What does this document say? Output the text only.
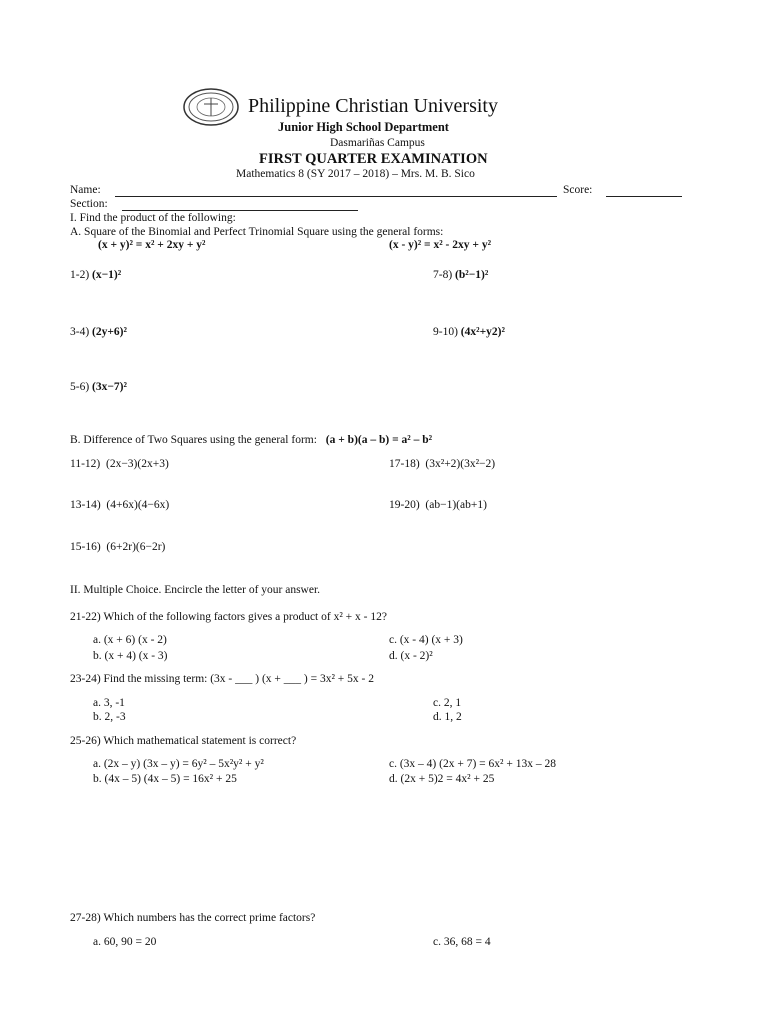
Philippine Christian University
Junior High School Department
Dasmariñas Campus
FIRST QUARTER EXAMINATION
Mathematics 8 (SY 2017 – 2018) – Mrs. M. B. Sico
Name:	Score:
Section:
I. Find the product of the following:
A. Square of the Binomial and Perfect Trinomial Square using the general forms:
(x + y)² = x² + 2xy + y²	(x - y)² = x² - 2xy + y²
1-2) (x−1)²	7-8) (b²−1)²
3-4) (2y+6)²	9-10) (4x²+y2)²
5-6) (3x−7)²
B. Difference of Two Squares using the general form: (a + b)(a – b) = a² – b²
11-12) (2x−3)(2x+3)	17-18) (3x²+2)(3x²−2)
13-14) (4+6x)(4−6x)	19-20) (ab−1)(ab+1)
15-16) (6+2r)(6−2r)
II. Multiple Choice. Encircle the letter of your answer.
21-22) Which of the following factors gives a product of x² + x - 12?
a. (x + 6) (x - 2)
b. (x + 4) (x - 3)
c. (x - 4) (x + 3)
d. (x - 2)²
23-24) Find the missing term: (3x - ___ ) (x + ___ ) = 3x² + 5x - 2
a. 3, -1
b. 2, -3
c. 2, 1
d. 1, 2
25-26) Which mathematical statement is correct?
a. (2x – y) (3x – y) = 6y² – 5x²y² + y²
b. (4x – 5) (4x – 5) = 16x² + 25
c. (3x – 4) (2x + 7) = 6x² + 13x – 28
d. (2x + 5)2 = 4x² + 25
27-28) Which numbers has the correct prime factors?
a. 60, 90 = 20	c. 36, 68 = 4
